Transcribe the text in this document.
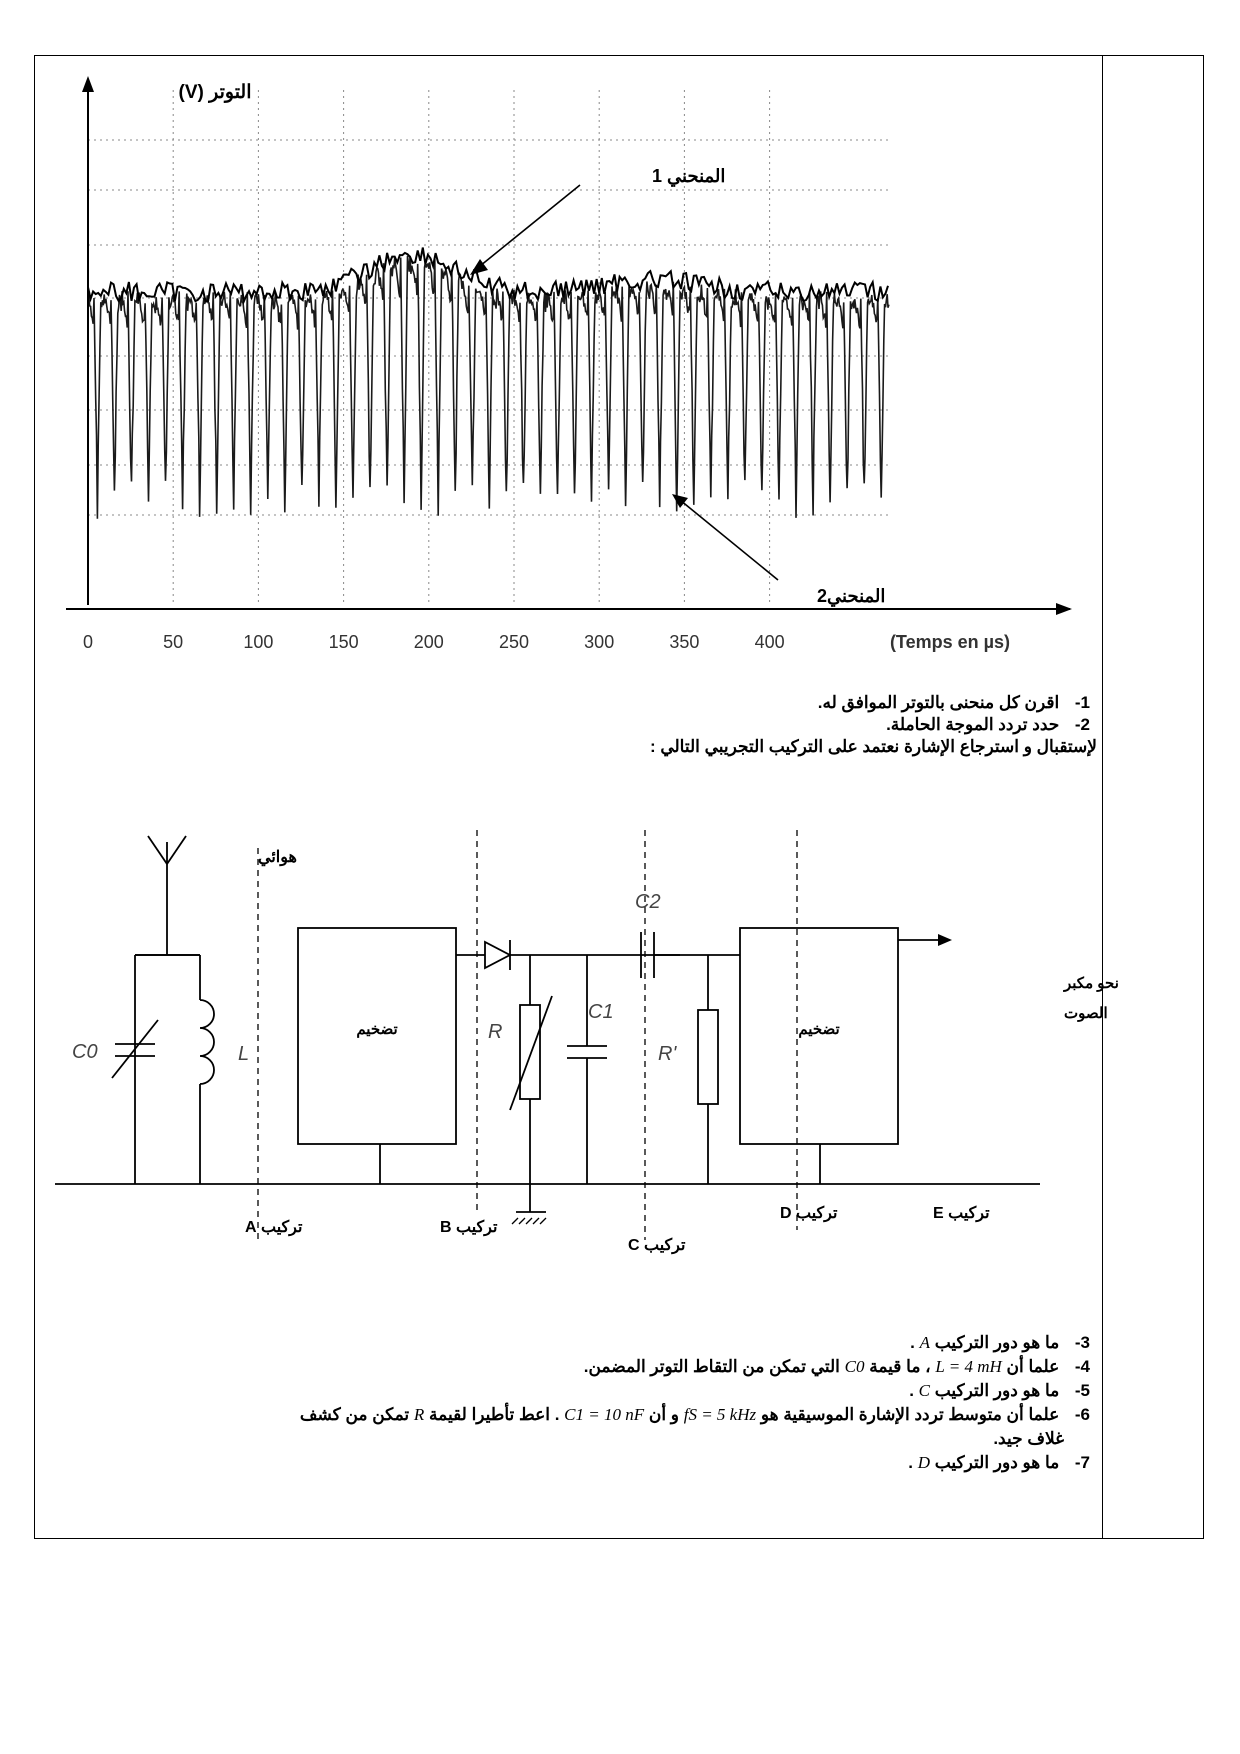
التوتر (V)
(Temps en µs)
0	50	100	150	200	250	300	350	400
المنحني 1
المنحني2
1- اقرن كل منحنى بالتوتر الموافق له.
2- حدد تردد الموجة الحاملة.
لإستقبال و استرجاع الإشارة نعتمد على التركيب التجريبي التالي :
هوائي
C0	L
تضخيم	R
C1
C2
R'
تضخيم
نحو مكبر
الصوت
تركيب A	تركيب B
تركيب C
تركيب D	تركيب E
3- ما هو دور التركيب A .
4- علما أن L = 4 mH ، ما قيمة C0 التي تمكن من التقاط التوتر المضمن.
5- ما هو دور التركيب C .
6- علما أن متوسط تردد الإشارة الموسيقية هو fS = 5 kHz و أن C1 = 10 nF . اعط تأطيرا لقيمة R تمكن من كشف
غلاف جيد.
7- ما هو دور التركيب D .
